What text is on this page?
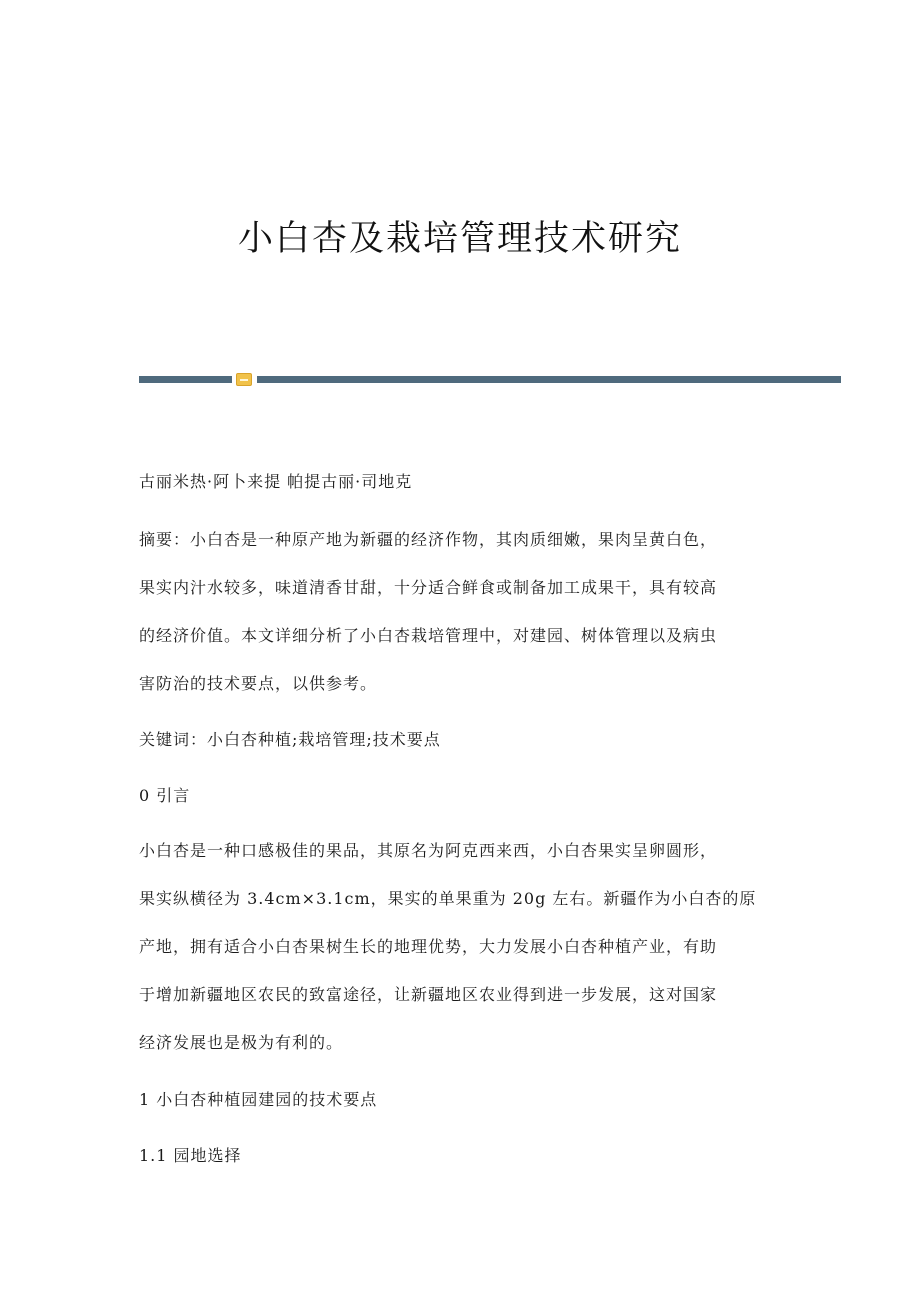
小白杏及栽培管理技术研究

古丽米热·阿卜来提 帕提古丽·司地克

摘要：小白杏是一种原产地为新疆的经济作物，其肉质细嫩，果肉呈黄白色，

果实内汁水较多，味道清香甘甜，十分适合鲜食或制备加工成果干，具有较高

的经济价值。本文详细分析了小白杏栽培管理中，对建园、树体管理以及病虫

害防治的技术要点，以供参考。

关键词：小白杏种植;栽培管理;技术要点

0 引言

小白杏是一种口感极佳的果品，其原名为阿克西来西，小白杏果实呈卵圆形，

果实纵横径为 3.4cm×3.1cm，果实的单果重为 20g 左右。新疆作为小白杏的原

产地，拥有适合小白杏果树生长的地理优势，大力发展小白杏种植产业，有助

于增加新疆地区农民的致富途径，让新疆地区农业得到进一步发展，这对国家

经济发展也是极为有利的。

1 小白杏种植园建园的技术要点

1.1 园地选择
